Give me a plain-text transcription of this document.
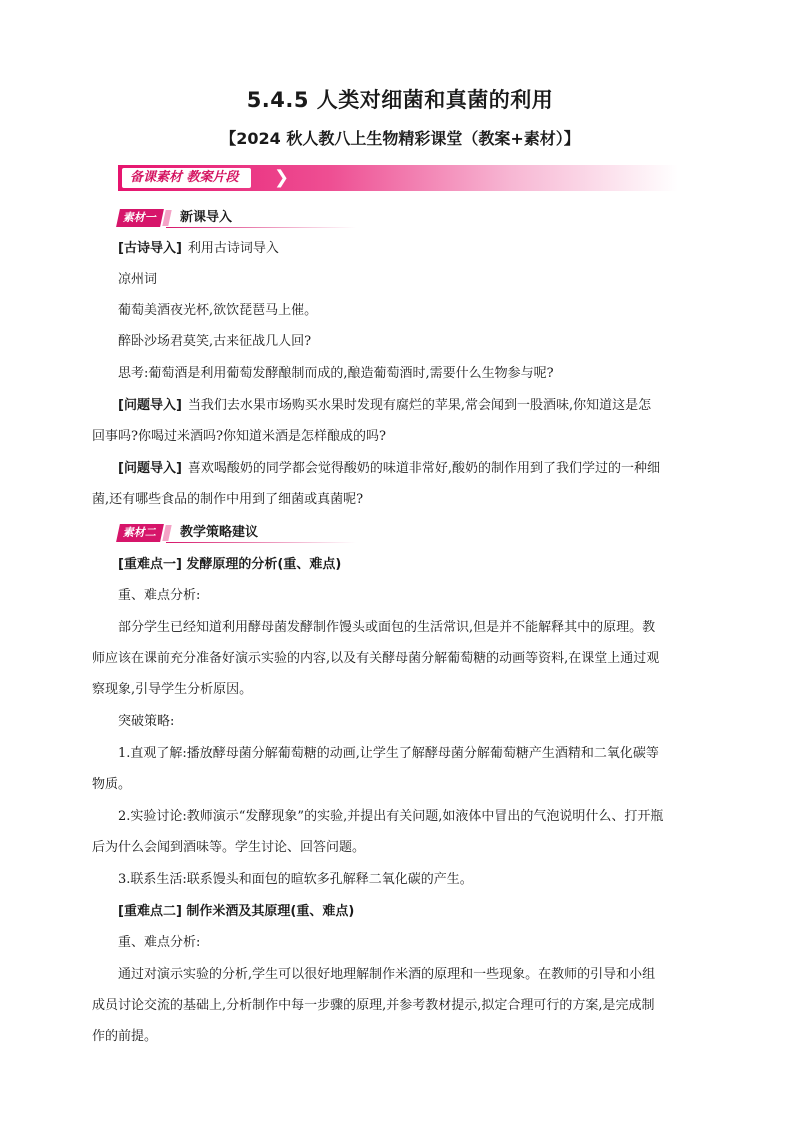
5.4.5 人类对细菌和真菌的利用
【2024 秋人教八上生物精彩课堂（教案+素材）】
备课素材 教案片段	❯
素材一	新课导入
[古诗导入] 利用古诗词导入
凉州词
葡萄美酒夜光杯,欲饮琵琶马上催。
醉卧沙场君莫笑,古来征战几人回?
思考:葡萄酒是利用葡萄发酵酿制而成的,酿造葡萄酒时,需要什么生物参与呢?
[问题导入] 当我们去水果市场购买水果时发现有腐烂的苹果,常会闻到一股酒味,你知道这是怎
回事吗?你喝过米酒吗?你知道米酒是怎样酿成的吗?
[问题导入] 喜欢喝酸奶的同学都会觉得酸奶的味道非常好,酸奶的制作用到了我们学过的一种细
菌,还有哪些食品的制作中用到了细菌或真菌呢?
素材二	教学策略建议
[重难点一] 发酵原理的分析(重、难点)
重、难点分析:
部分学生已经知道利用酵母菌发酵制作馒头或面包的生活常识,但是并不能解释其中的原理。教
师应该在课前充分准备好演示实验的内容,以及有关酵母菌分解葡萄糖的动画等资料,在课堂上通过观
察现象,引导学生分析原因。
突破策略:
1.直观了解:播放酵母菌分解葡萄糖的动画,让学生了解酵母菌分解葡萄糖产生酒精和二氧化碳等
物质。
2.实验讨论:教师演示“发酵现象”的实验,并提出有关问题,如液体中冒出的气泡说明什么、打开瓶
后为什么会闻到酒味等。学生讨论、回答问题。
3.联系生活:联系馒头和面包的暄软多孔解释二氧化碳的产生。
[重难点二] 制作米酒及其原理(重、难点)
重、难点分析:
通过对演示实验的分析,学生可以很好地理解制作米酒的原理和一些现象。在教师的引导和小组
成员讨论交流的基础上,分析制作中每一步骤的原理,并参考教材提示,拟定合理可行的方案,是完成制
作的前提。
